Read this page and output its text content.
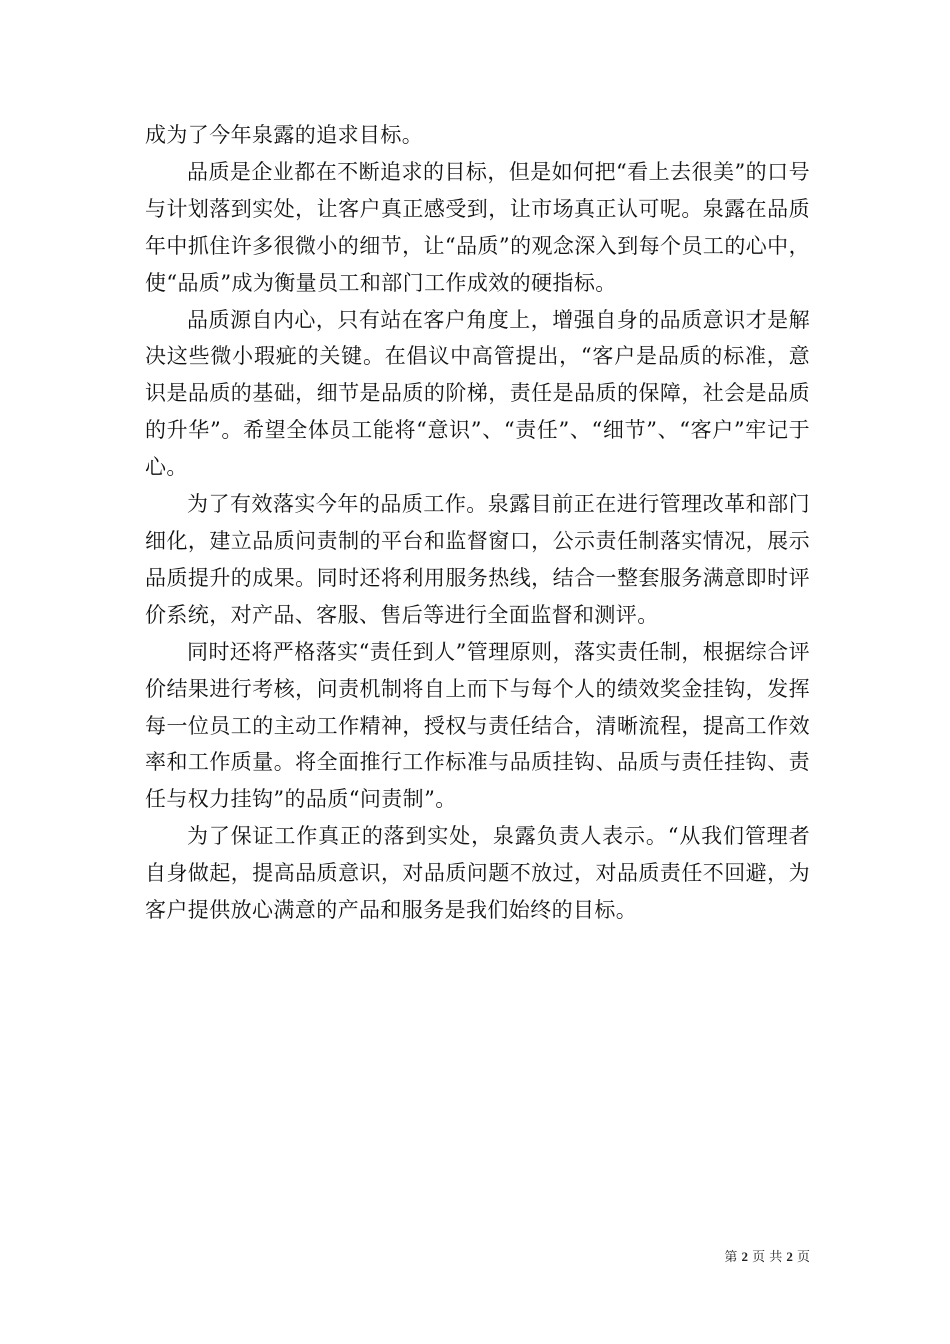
成为了今年泉露的追求目标。

品质是企业都在不断追求的目标，但是如何把“看上去很美”的口号与计划落到实处，让客户真正感受到，让市场真正认可呢。泉露在品质年中抓住许多很微小的细节，让“品质”的观念深入到每个员工的心中，使“品质”成为衡量员工和部门工作成效的硬指标。

品质源自内心，只有站在客户角度上，增强自身的品质意识才是解决这些微小瑕疵的关键。在倡议中高管提出，“客户是品质的标准，意识是品质的基础，细节是品质的阶梯，责任是品质的保障，社会是品质的升华”。希望全体员工能将“意识”、“责任”、“细节”、“客户”牢记于心。

为了有效落实今年的品质工作。泉露目前正在进行管理改革和部门细化，建立品质问责制的平台和监督窗口，公示责任制落实情况，展示品质提升的成果。同时还将利用服务热线，结合一整套服务满意即时评价系统，对产品、客服、售后等进行全面监督和测评。

同时还将严格落实“责任到人”管理原则，落实责任制，根据综合评价结果进行考核，问责机制将自上而下与每个人的绩效奖金挂钩，发挥每一位员工的主动工作精神，授权与责任结合，清晰流程，提高工作效率和工作质量。将全面推行工作标准与品质挂钩、品质与责任挂钩、责任与权力挂钩”的品质“问责制”。

为了保证工作真正的落到实处，泉露负责人表示。“从我们管理者自身做起，提高品质意识，对品质问题不放过，对品质责任不回避，为客户提供放心满意的产品和服务是我们始终的目标。

第 2 页 共 2 页
